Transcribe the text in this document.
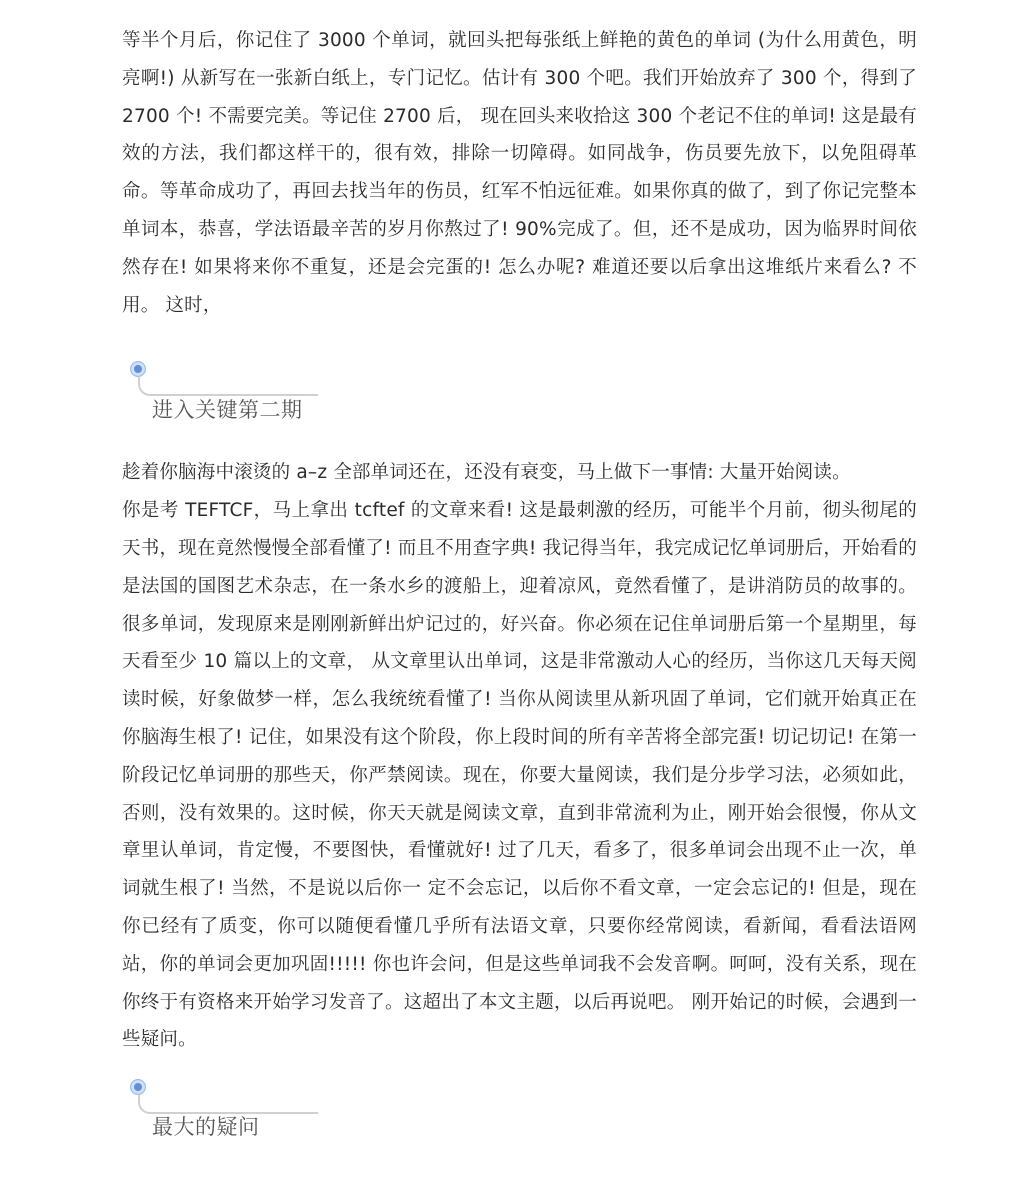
等半个月后，你记住了 3000 个单词，就回头把每张纸上鲜艳的黄色的单词 (为什么用黄色，明亮啊!) 从新写在一张新白纸上，专门记忆。估计有 300 个吧。我们开始放弃了 300 个，得到了 2700 个! 不需要完美。等记住 2700 后， 现在回头来收拾这 300 个老记不住的单词! 这是最有效的方法，我们都这样干的，很有效，排除一切障碍。如同战争，伤员要先放下，以免阻碍革命。等革命成功了，再回去找当年的伤员，红军不怕远征难。如果你真的做了，到了你记完整本单词本，恭喜，学法语最辛苦的岁月你熬过了! 90%完成了。但，还不是成功，因为临界时间依然存在! 如果将来你不重复，还是会完蛋的! 怎么办呢? 难道还要以后拿出这堆纸片来看么? 不用。 这时，

进入关键第二期

趁着你脑海中滚烫的 a–z 全部单词还在，还没有衰变，马上做下一事情: 大量开始阅读。

你是考 TEFTCF，马上拿出 tcftef 的文章来看! 这是最刺激的经历，可能半个月前，彻头彻尾的天书，现在竟然慢慢全部看懂了! 而且不用查字典! 我记得当年，我完成记忆单词册后，开始看的是法国的国图艺术杂志，在一条水乡的渡船上，迎着凉风，竟然看懂了，是讲消防员的故事的。很多单词，发现原来是刚刚新鲜出炉记过的，好兴奋。你必须在记住单词册后第一个星期里，每天看至少 10 篇以上的文章， 从文章里认出单词，这是非常激动人心的经历，当你这几天每天阅读时候，好象做梦一样，怎么我统统看懂了! 当你从阅读里从新巩固了单词，它们就开始真正在你脑海生根了! 记住，如果没有这个阶段，你上段时间的所有辛苦将全部完蛋! 切记切记! 在第一阶段记忆单词册的那些天，你严禁阅读。现在，你要大量阅读，我们是分步学习法，必须如此，否则，没有效果的。这时候，你天天就是阅读文章，直到非常流利为止，刚开始会很慢，你从文章里认单词，肯定慢，不要图快，看懂就好! 过了几天，看多了，很多单词会出现不止一次，单词就生根了! 当然，不是说以后你一 定不会忘记，以后你不看文章，一定会忘记的! 但是，现在你已经有了质变，你可以随便看懂几乎所有法语文章，只要你经常阅读，看新闻，看看法语网站，你的单词会更加巩固!!!!! 你也许会问，但是这些单词我不会发音啊。呵呵，没有关系，现在你终于有资格来开始学习发音了。这超出了本文主题，以后再说吧。 刚开始记的时候，会遇到一些疑问。

最大的疑问
